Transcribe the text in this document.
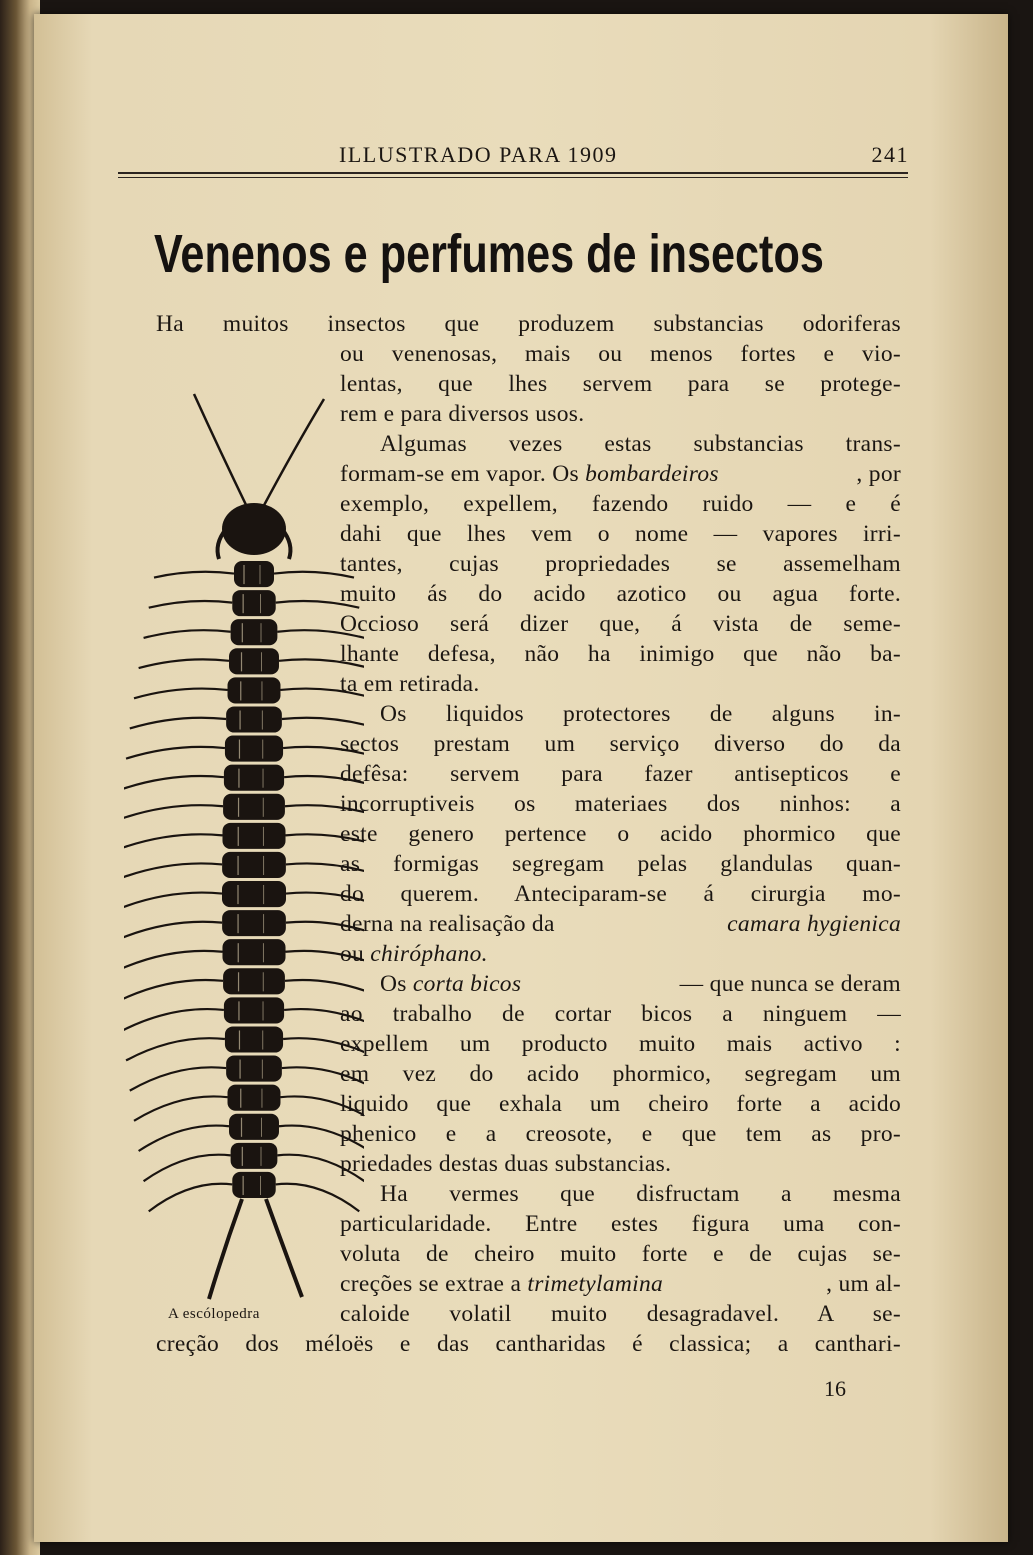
ILLUSTRADO PARA 1909	241
Venenos e perfumes de insectos
A escólopedra
Ha muitos insectos que produzem substancias odoriferas
ou venenosas, mais ou menos fortes e vio-
lentas, que lhes servem para se protege-
rem e para diversos usos.
Algumas vezes estas substancias trans-
formam-se em vapor. Os bombardeiros	, por
exemplo, expellem, fazendo ruido — e é
dahi que lhes vem o nome — vapores irri-
tantes, cujas propriedades se assemelham
muito ás do acido azotico ou agua forte.
Occioso será dizer que, á vista de seme-
lhante defesa, não ha inimigo que não ba-
ta em retirada.
Os liquidos protectores de alguns in-
sectos prestam um serviço diverso do da
defêsa: servem para fazer antisepticos e
incorruptiveis os materiaes dos ninhos: a
este genero pertence o acido phormico que
as formigas segregam pelas glandulas quan-
do querem. Anteciparam-se á cirurgia mo-
derna na realisação da	camara hygienica
ou chiróphano.
Os corta bicos	— que nunca se deram
ao trabalho de cortar bicos a ninguem —
expellem um producto muito mais activo :
em vez do acido phormico, segregam um
liquido que exhala um cheiro forte a acido
phenico e a creosote, e que tem as pro-
priedades destas duas substancias.
Ha vermes que disfructam a mesma
particularidade. Entre estes figura uma con-
voluta de cheiro muito forte e de cujas se-
creções se extrae a trimetylamina	, um al-
caloide volatil muito desagradavel. A se-
creção dos méloës e das cantharidas é classica; a canthari-
16
